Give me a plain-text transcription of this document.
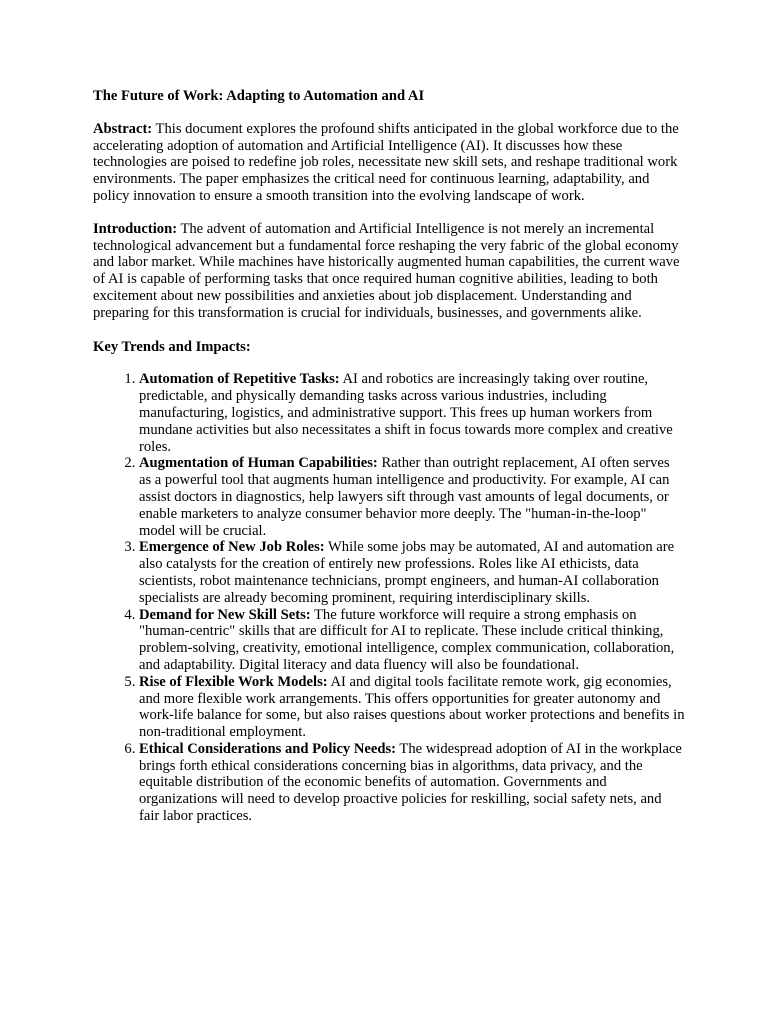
The Future of Work: Adapting to Automation and AI

Abstract: This document explores the profound shifts anticipated in the global workforce due to the accelerating adoption of automation and Artificial Intelligence (AI). It discusses how these technologies are poised to redefine job roles, necessitate new skill sets, and reshape traditional work environments. The paper emphasizes the critical need for continuous learning, adaptability, and policy innovation to ensure a smooth transition into the evolving landscape of work.

Introduction: The advent of automation and Artificial Intelligence is not merely an incremental technological advancement but a fundamental force reshaping the very fabric of the global economy and labor market. While machines have historically augmented human capabilities, the current wave of AI is capable of performing tasks that once required human cognitive abilities, leading to both excitement about new possibilities and anxieties about job displacement. Understanding and preparing for this transformation is crucial for individuals, businesses, and governments alike.

Key Trends and Impacts:

1. Automation of Repetitive Tasks: AI and robotics are increasingly taking over routine, predictable, and physically demanding tasks across various industries, including manufacturing, logistics, and administrative support. This frees up human workers from mundane activities but also necessitates a shift in focus towards more complex and creative roles.
2. Augmentation of Human Capabilities: Rather than outright replacement, AI often serves as a powerful tool that augments human intelligence and productivity. For example, AI can assist doctors in diagnostics, help lawyers sift through vast amounts of legal documents, or enable marketers to analyze consumer behavior more deeply. The "human-in-the-loop" model will be crucial.
3. Emergence of New Job Roles: While some jobs may be automated, AI and automation are also catalysts for the creation of entirely new professions. Roles like AI ethicists, data scientists, robot maintenance technicians, prompt engineers, and human-AI collaboration specialists are already becoming prominent, requiring interdisciplinary skills.
4. Demand for New Skill Sets: The future workforce will require a strong emphasis on "human-centric" skills that are difficult for AI to replicate. These include critical thinking, problem-solving, creativity, emotional intelligence, complex communication, collaboration, and adaptability. Digital literacy and data fluency will also be foundational.
5. Rise of Flexible Work Models: AI and digital tools facilitate remote work, gig economies, and more flexible work arrangements. This offers opportunities for greater autonomy and work-life balance for some, but also raises questions about worker protections and benefits in non-traditional employment.
6. Ethical Considerations and Policy Needs: The widespread adoption of AI in the workplace brings forth ethical considerations concerning bias in algorithms, data privacy, and the equitable distribution of the economic benefits of automation. Governments and organizations will need to develop proactive policies for reskilling, social safety nets, and fair labor practices.
